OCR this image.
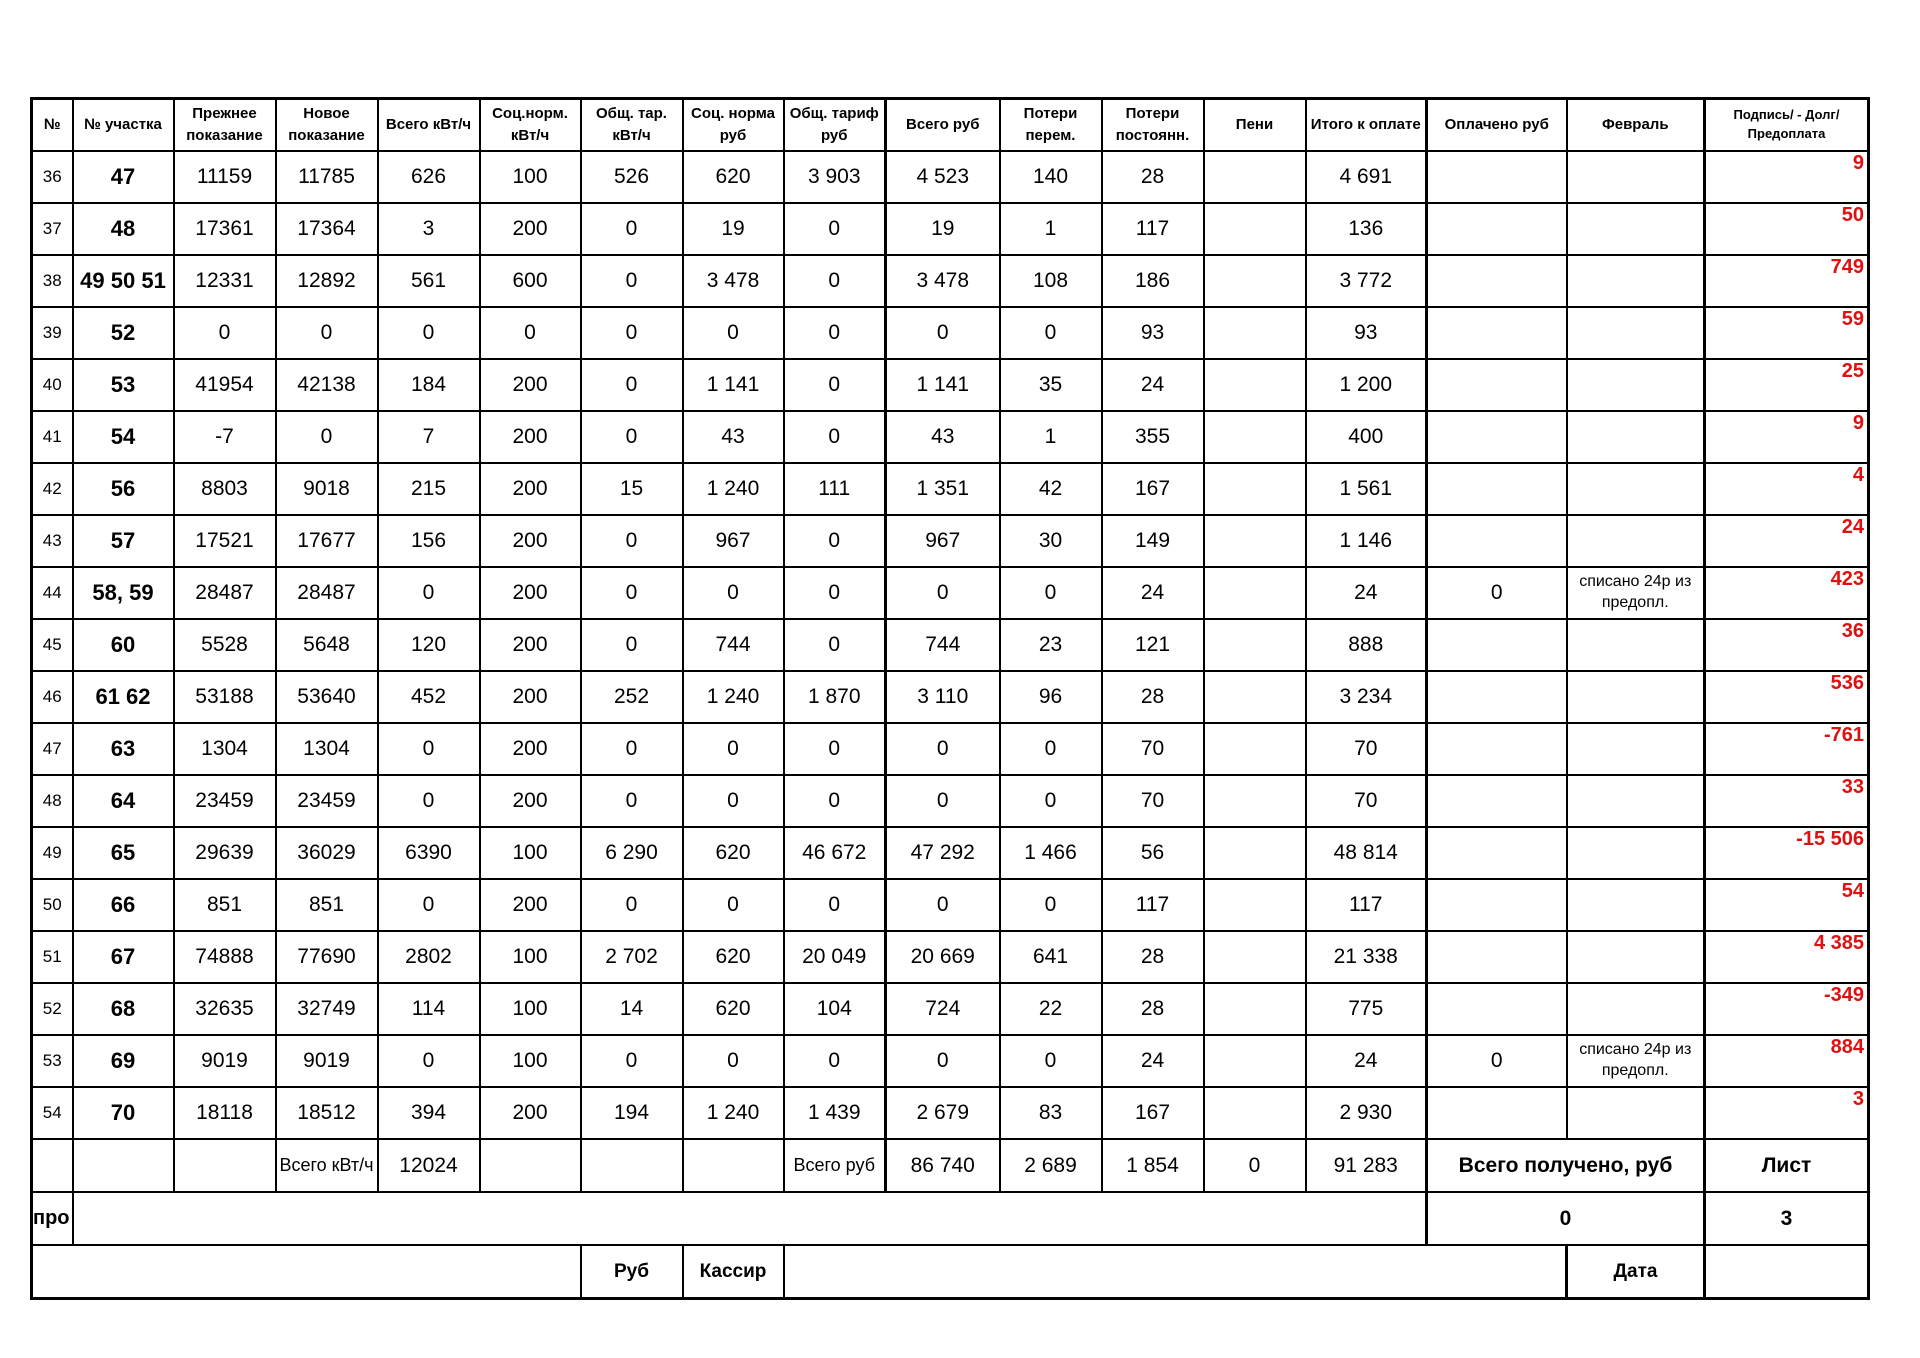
№	№ участка	Прежнее показание	Новое показание	Всего кВт/ч	Соц.норм. кВт/ч	Общ. тар. кВт/ч	Соц. норма руб	Общ. тариф руб	Всего руб	Потери перем.	Потери постоянн.	Пени	Итого к оплате	Оплачено руб	Февраль	Подпись/ - Долг/Предоплата
36	47	11159	11785	626	100	526	620	3 903	4 523	140	28		4 691			9
37	48	17361	17364	3	200	0	19	0	19	1	117		136			50
38	49 50 51	12331	12892	561	600	0	3 478	0	3 478	108	186		3 772			749
39	52	0	0	0	0	0	0	0	0	0	93		93			59
40	53	41954	42138	184	200	0	1 141	0	1 141	35	24		1 200			25
41	54	-7	0	7	200	0	43	0	43	1	355		400			9
42	56	8803	9018	215	200	15	1 240	111	1 351	42	167		1 561			4
43	57	17521	17677	156	200	0	967	0	967	30	149		1 146			24
44	58, 59	28487	28487	0	200	0	0	0	0	0	24		24	0	списано 24р из предопл.	423
45	60	5528	5648	120	200	0	744	0	744	23	121		888			36
46	61 62	53188	53640	452	200	252	1 240	1 870	3 110	96	28		3 234			536
47	63	1304	1304	0	200	0	0	0	0	0	70		70			-761
48	64	23459	23459	0	200	0	0	0	0	0	70		70			33
49	65	29639	36029	6390	100	6 290	620	46 672	47 292	1 466	56		48 814			-15 506
50	66	851	851	0	200	0	0	0	0	0	117		117			54
51	67	74888	77690	2802	100	2 702	620	20 049	20 669	641	28		21 338			4 385
52	68	32635	32749	114	100	14	620	104	724	22	28		775			-349
53	69	9019	9019	0	100	0	0	0	0	0	24		24	0	списано 24р из предопл.	884
54	70	18118	18512	394	200	194	1 240	1 439	2 679	83	167		2 930			3
			Всего кВт/ч	12024				Всего руб	86 740	2 689	1 854	0	91 283	Всего получено, руб		Лист
про														0		3
						Руб	Кассир								Дата	
